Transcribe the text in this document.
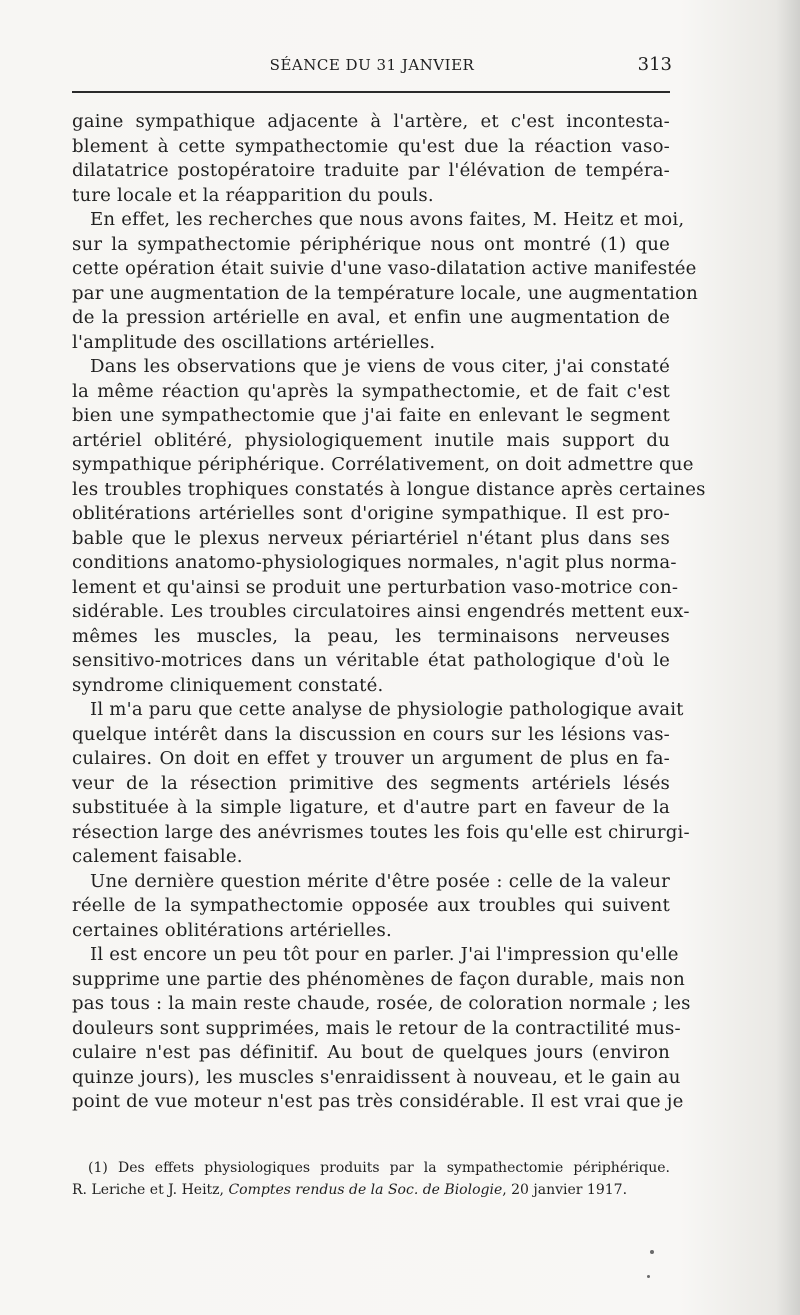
SÉANCE DU 31 JANVIER	313
gaine sympathique adjacente à l'artère, et c'est incontesta-
blement à cette sympathectomie qu'est due la réaction vaso-
dilatatrice postopératoire traduite par l'élévation de tempéra-
ture locale et la réapparition du pouls.
En effet, les recherches que nous avons faites, M. Heitz et moi,
sur la sympathectomie périphérique nous ont montré (1) que
cette opération était suivie d'une vaso-dilatation active manifestée
par une augmentation de la température locale, une augmentation
de la pression artérielle en aval, et enfin une augmentation de
l'amplitude des oscillations artérielles.
Dans les observations que je viens de vous citer, j'ai constaté
la même réaction qu'après la sympathectomie, et de fait c'est
bien une sympathectomie que j'ai faite en enlevant le segment
artériel oblitéré, physiologiquement inutile mais support du
sympathique périphérique. Corrélativement, on doit admettre que
les troubles trophiques constatés à longue distance après certaines
oblitérations artérielles sont d'origine sympathique. Il est pro-
bable que le plexus nerveux périartériel n'étant plus dans ses
conditions anatomo-physiologiques normales, n'agit plus norma-
lement et qu'ainsi se produit une perturbation vaso-motrice con-
sidérable. Les troubles circulatoires ainsi engendrés mettent eux-
mêmes les muscles, la peau, les terminaisons nerveuses
sensitivo-motrices dans un véritable état pathologique d'où le
syndrome cliniquement constaté.
Il m'a paru que cette analyse de physiologie pathologique avait
quelque intérêt dans la discussion en cours sur les lésions vas-
culaires. On doit en effet y trouver un argument de plus en fa-
veur de la résection primitive des segments artériels lésés
substituée à la simple ligature, et d'autre part en faveur de la
résection large des anévrismes toutes les fois qu'elle est chirurgi-
calement faisable.
Une dernière question mérite d'être posée : celle de la valeur
réelle de la sympathectomie opposée aux troubles qui suivent
certaines oblitérations artérielles.
Il est encore un peu tôt pour en parler. J'ai l'impression qu'elle
supprime une partie des phénomènes de façon durable, mais non
pas tous : la main reste chaude, rosée, de coloration normale ; les
douleurs sont supprimées, mais le retour de la contractilité mus-
culaire n'est pas définitif. Au bout de quelques jours (environ
quinze jours), les muscles s'enraidissent à nouveau, et le gain au
point de vue moteur n'est pas très considérable. Il est vrai que je
(1) Des effets physiologiques produits par la sympathectomie périphérique.
R. Leriche et J. Heitz, Comptes rendus de la Soc. de Biologie, 20 janvier 1917.
